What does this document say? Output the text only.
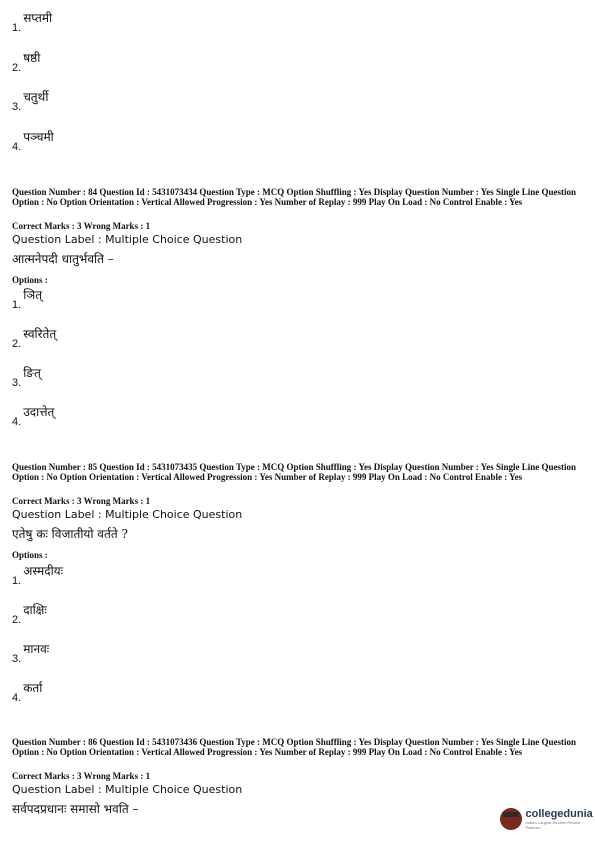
1.सप्तमी
2.षष्ठी
3.चतुर्थी
4.पञ्चमी
Question Number : 84 Question Id : 5431073434 Question Type : MCQ Option Shuffling : Yes Display Question Number : Yes Single Line Question Option : No Option Orientation : Vertical Allowed Progression : Yes Number of Replay : 999 Play On Load : No Control Enable : Yes
Correct Marks : 3 Wrong Marks : 1
Question Label : Multiple Choice Question
आत्मनेपदी धातुर्भवति –
Options :
1.ञित्
2.स्वरितेत्
3.ङित्
4.उदात्तेत्
Question Number : 85 Question Id : 5431073435 Question Type : MCQ Option Shuffling : Yes Display Question Number : Yes Single Line Question Option : No Option Orientation : Vertical Allowed Progression : Yes Number of Replay : 999 Play On Load : No Control Enable : Yes
Correct Marks : 3 Wrong Marks : 1
Question Label : Multiple Choice Question
एतेषु कः विजातीयो वर्तते ?
Options :
1.अस्मदीयः
2.दाक्षिः
3.मानवः
4.कर्ता
Question Number : 86 Question Id : 5431073436 Question Type : MCQ Option Shuffling : Yes Display Question Number : Yes Single Line Question Option : No Option Orientation : Vertical Allowed Progression : Yes Number of Replay : 999 Play On Load : No Control Enable : Yes
Correct Marks : 3 Wrong Marks : 1
Question Label : Multiple Choice Question
सर्वपदप्रधानः समासो भवति –	collegedunia
India's Largest Student Review Platform
